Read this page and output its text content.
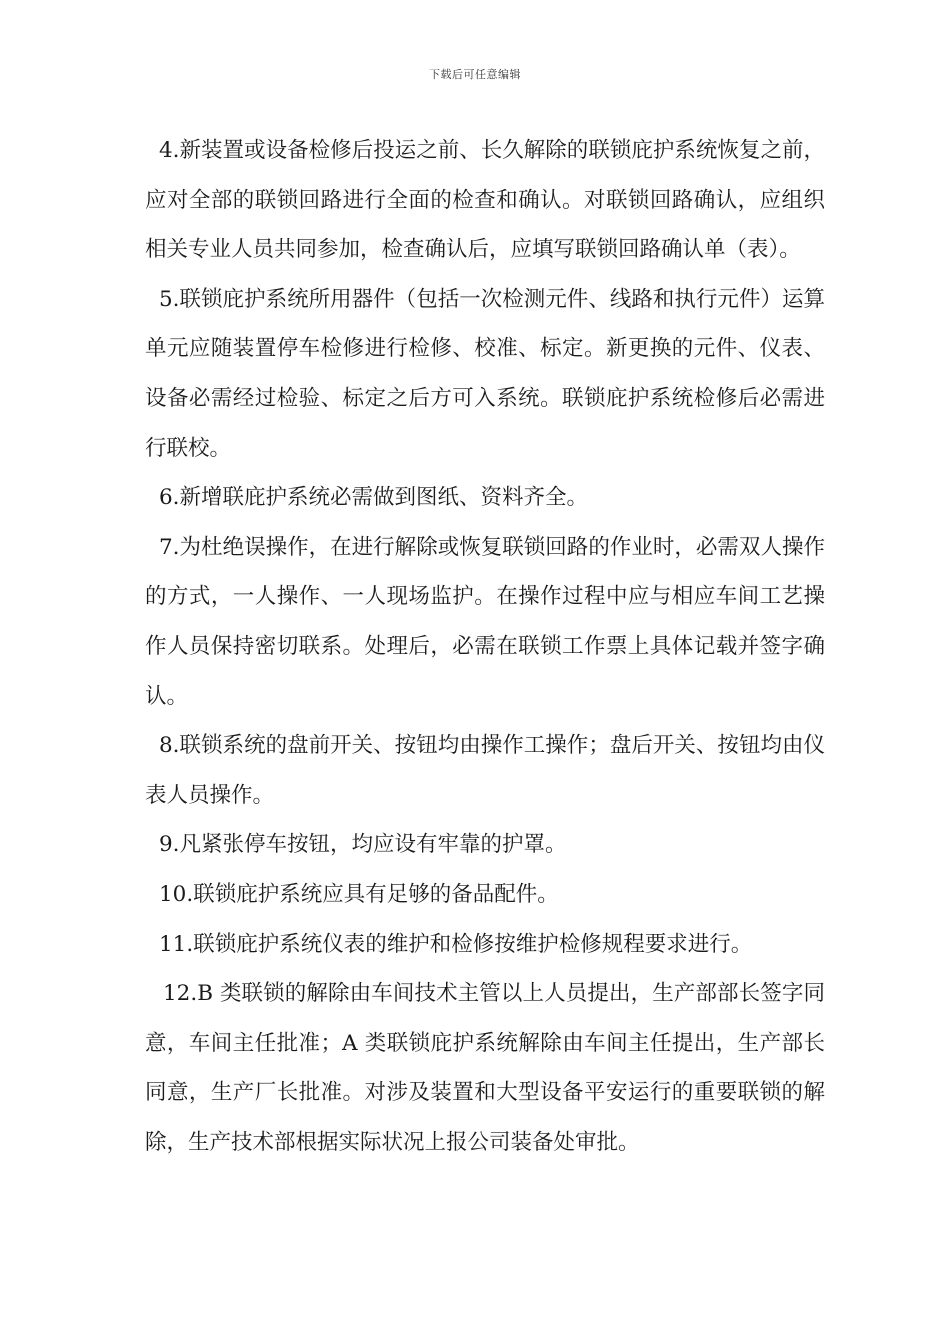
下载后可任意编辑

4.新装置或设备检修后投运之前、长久解除的联锁庇护系统恢复之前，应对全部的联锁回路进行全面的检查和确认。对联锁回路确认，应组织相关专业人员共同参加，检查确认后，应填写联锁回路确认单（表）。

5.联锁庇护系统所用器件（包括一次检测元件、线路和执行元件）运算单元应随装置停车检修进行检修、校准、标定。新更换的元件、仪表、设备必需经过检验、标定之后方可入系统。联锁庇护系统检修后必需进行联校。

6.新增联庇护系统必需做到图纸、资料齐全。

7.为杜绝误操作，在进行解除或恢复联锁回路的作业时，必需双人操作的方式，一人操作、一人现场监护。在操作过程中应与相应车间工艺操作人员保持密切联系。处理后，必需在联锁工作票上具体记载并签字确认。

8.联锁系统的盘前开关、按钮均由操作工操作；盘后开关、按钮均由仪表人员操作。

9.凡紧张停车按钮，均应设有牢靠的护罩。

10.联锁庇护系统应具有足够的备品配件。

11.联锁庇护系统仪表的维护和检修按维护检修规程要求进行。

12.B 类联锁的解除由车间技术主管以上人员提出，生产部部长签字同意，车间主任批准；A 类联锁庇护系统解除由车间主任提出，生产部长同意，生产厂长批准。对涉及装置和大型设备平安运行的重要联锁的解除，生产技术部根据实际状况上报公司装备处审批。
